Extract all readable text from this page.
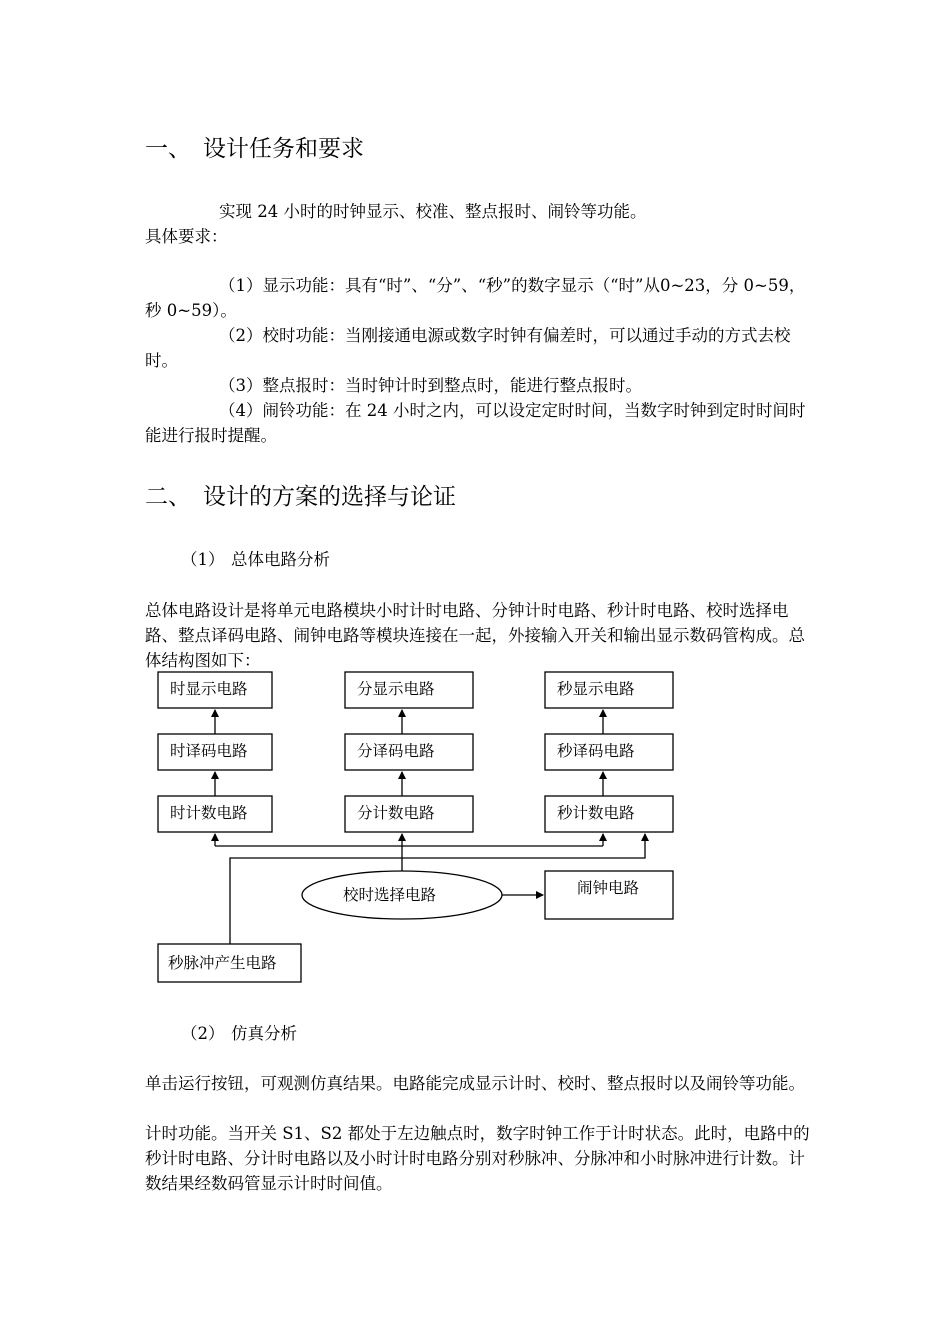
一、 设计任务和要求

实现 24 小时的时钟显示、校准、整点报时、闹铃等功能。

具体要求：

（1）显示功能：具有“时”、“分”、“秒”的数字显示（“时”从0~23，分 0~59，秒 0~59）。

（2）校时功能：当刚接通电源或数字时钟有偏差时，可以通过手动的方式去校时。

（3）整点报时：当时钟计时到整点时，能进行整点报时。

（4）闹铃功能：在 24 小时之内，可以设定定时时间，当数字时钟到定时时间时能进行报时提醒。

二、 设计的方案的选择与论证

（1） 总体电路分析

总体电路设计是将单元电路模块小时计时电路、分钟计时电路、秒计时电路、校时选择电路、整点译码电路、闹钟电路等模块连接在一起，外接输入开关和输出显示数码管构成。总体结构图如下：

时显示电路	分显示电路	秒显示电路
时译码电路	分译码电路	秒译码电路
时计数电路	分计数电路	秒计数电路
校时选择电路	闹钟电路
秒脉冲产生电路

（2） 仿真分析

单击运行按钮，可观测仿真结果。电路能完成显示计时、校时、整点报时以及闹铃等功能。

计时功能。当开关 S1、S2 都处于左边触点时，数字时钟工作于计时状态。此时，电路中的秒计时电路、分计时电路以及小时计时电路分别对秒脉冲、分脉冲和小时脉冲进行计数。计数结果经数码管显示计时时间值。
